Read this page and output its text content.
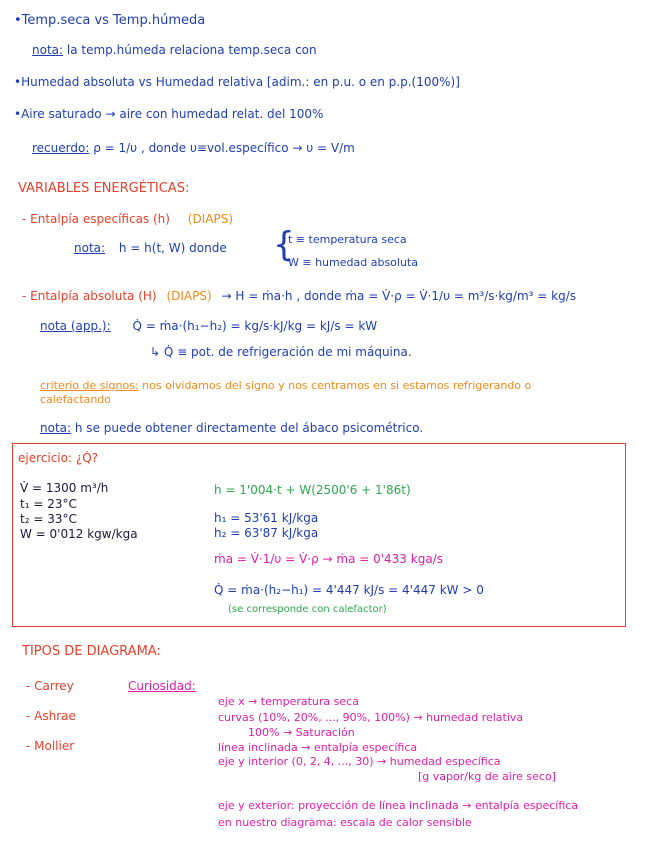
•Temp.seca vs Temp.húmeda
nota: la temp.húmeda relaciona temp.seca con
•Humedad absoluta vs Humedad relativa [adim.: en p.u. o en p.p.(100%)]
•Aire saturado → aire con humedad relat. del 100%
recuerdo: ρ = 1/υ , donde υ≡vol.específico → υ = V/m
VARIABLES ENERGÉTICAS:
- Entalpía específicas (h) (DIAPS)
nota: h = h(t, W) donde {
t ≡ temperatura seca
W ≡ humedad absoluta
- Entalpía absoluta (H) (DIAPS) → H = ṁa·h , donde ṁa = V̇·ρ = V̇·1/υ = m³/s·kg/m³ = kg/s
nota (app.): Q̇ = ṁa·(h₁−h₂) = kg/s·kJ/kg = kJ/s = kW
↳ Q̇ ≡ pot. de refrigeración de mi máquina.
criterio de signos: nos olvidamos del signo y nos centramos en si estamos refrigerando o
calefactando
nota: h se puede obtener directamente del ábaco psicométrico.
ejercicio: ¿Q̇?
V̇ = 1300 m³/h
t₁ = 23°C
t₂ = 33°C
W = 0'012 kgw/kga
h = 1'004·t + W(2500'6 + 1'86t)
h₁ = 53'61 kJ/kga
h₂ = 63'87 kJ/kga
ṁa = V̇·1/υ = V̇·ρ → ṁa = 0'433 kga/s
Q̇ = ṁa·(h₂−h₁) = 4'447 kJ/s = 4'447 kW > 0
(se corresponde con calefactor)
TIPOS DE DIAGRAMA:
- Carrey
- Ashrae
- Mollier
Curiosidad:
eje x → temperatura seca
curvas (10%, 20%, ..., 90%, 100%) → humedad relativa
100% → Saturación
línea inclinada → entalpía específica
eje y interior (0, 2, 4, ..., 30) → humedad específica
[g vapor/kg de aire seco]
eje y exterior: proyección de línea inclinada → entalpía específica
en nuestro diagrama: escala de calor sensible
